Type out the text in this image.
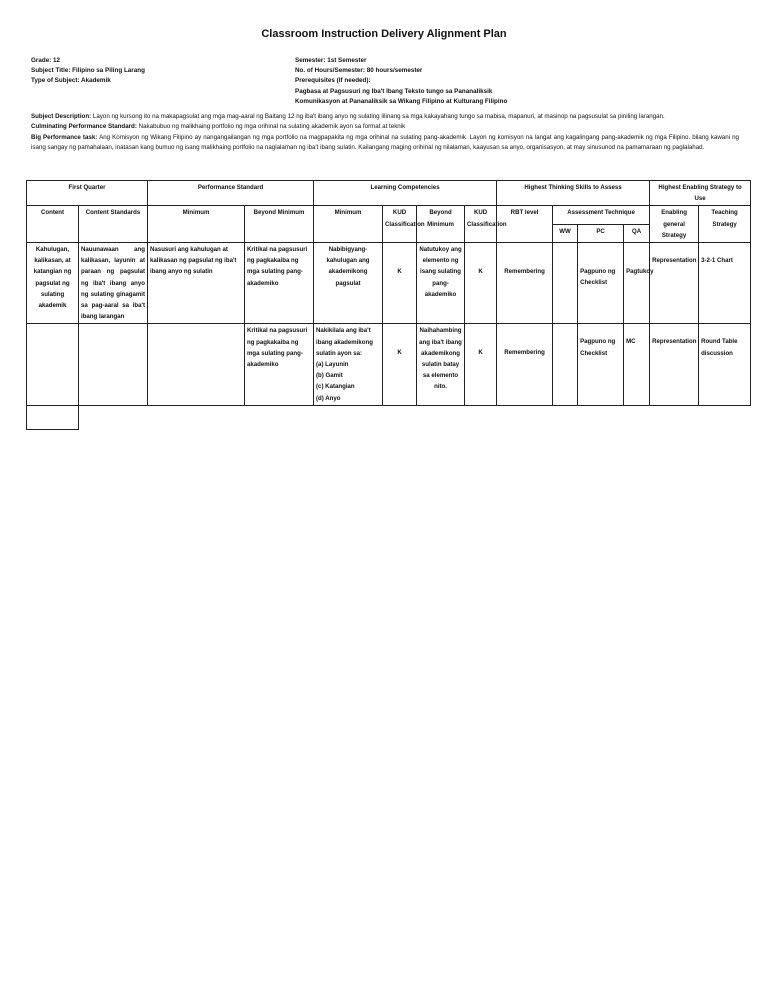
Classroom Instruction Delivery Alignment Plan
Grade: 12
Subject Title: Filipino sa Piling Larang
Type of Subject: Akademik
Semester: 1st Semester
No. of Hours/Semester: 80 hours/semester
Prerequisites (If needed):
Pagbasa at Pagsusuri ng Iba't Ibang Teksto tungo sa Pananaliksik
Komunikasyon at Pananaliksik sa Wikang Filipino at Kulturang Filipino
Subject Description: Layon ng kursong ito na makapagsulat ang mga mag-aaral ng Baitang 12 ng iba't ibang anyo ng sulating lilinang sa mga kakayahang tungo sa mabisa, mapanuri, at masinop na pagsusulat sa piniling larangan.
Culminating Performance Standard: Nakabubuo ng malikhaing portfolio ng mga orihinal na sulating akademik ayon sa format at teknik
Big Performance task: Ang Komisyon ng Wikang Filipino ay nangangailangan ng mga portfolio na magpapakita ng mga orihinal na sulating pang-akademik. Layon ng komisyon na langat ang kagalingang pang-akademik ng mga Filipino. bilang kawani ng isang sangay ng pamahalaan, inatasan kang bumuo ng isang malikhaing portfolio na naglalaman ng iba't ibang sulatin. Kailangang maging orihinal ng nilalaman, kaayusan sa anyo, organisasyon, at may sinusunod na pamamaraan ng paglalahad.
First Quarter		Performance Standard		Learning Competencies				Highest Thinking Skills to Assess				Highest Enabling Strategy to Use	
Content	Content Standards	Minimum	Beyond Minimum	Minimum	KUD Classification	Beyond Minimum	KUD Classification	RBT level	Assessment Technique			Enabling general Strategy	Teaching Strategy
									WW	PC	QA		
Kahulugan, kalikasan, at katangian ng pagsulat ng sulating akademik	Nauunawaan ang kalikasan, layunin at paraan ng pagsulat ng iba't ibang anyo ng sulating ginagamit sa pag-aaral sa iba't ibang larangan	Nasusuri ang kahulugan at kalikasan ng pagsulat ng iba't ibang anyo ng sulatin	Kritikal na pagsusuri ng pagkakaiba ng mga sulating pang-akademiko	Nabibigyang-kahulugan ang akademikong pagsulat	K	Natutukoy ang elemento ng isang sulating pang-akademiko	K	Remembering		Pagpuno ng Checklist	Pagtukoy	Representation	3-2-1 Chart
			Kritikal na pagsusuri ng pagkakaiba ng mga sulating pang-akademiko	Nakikilala ang iba't ibang akademikong sulatin ayon sa:
(a) Layunin
(b) Gamit
(c) Katangian
(d) Anyo	K	Naihahambing ang iba't ibang akademikong sulatin batay sa elemento nito.	K	Remembering		Pagpuno ng Checklist	MC	Representation	Round Table discussion
